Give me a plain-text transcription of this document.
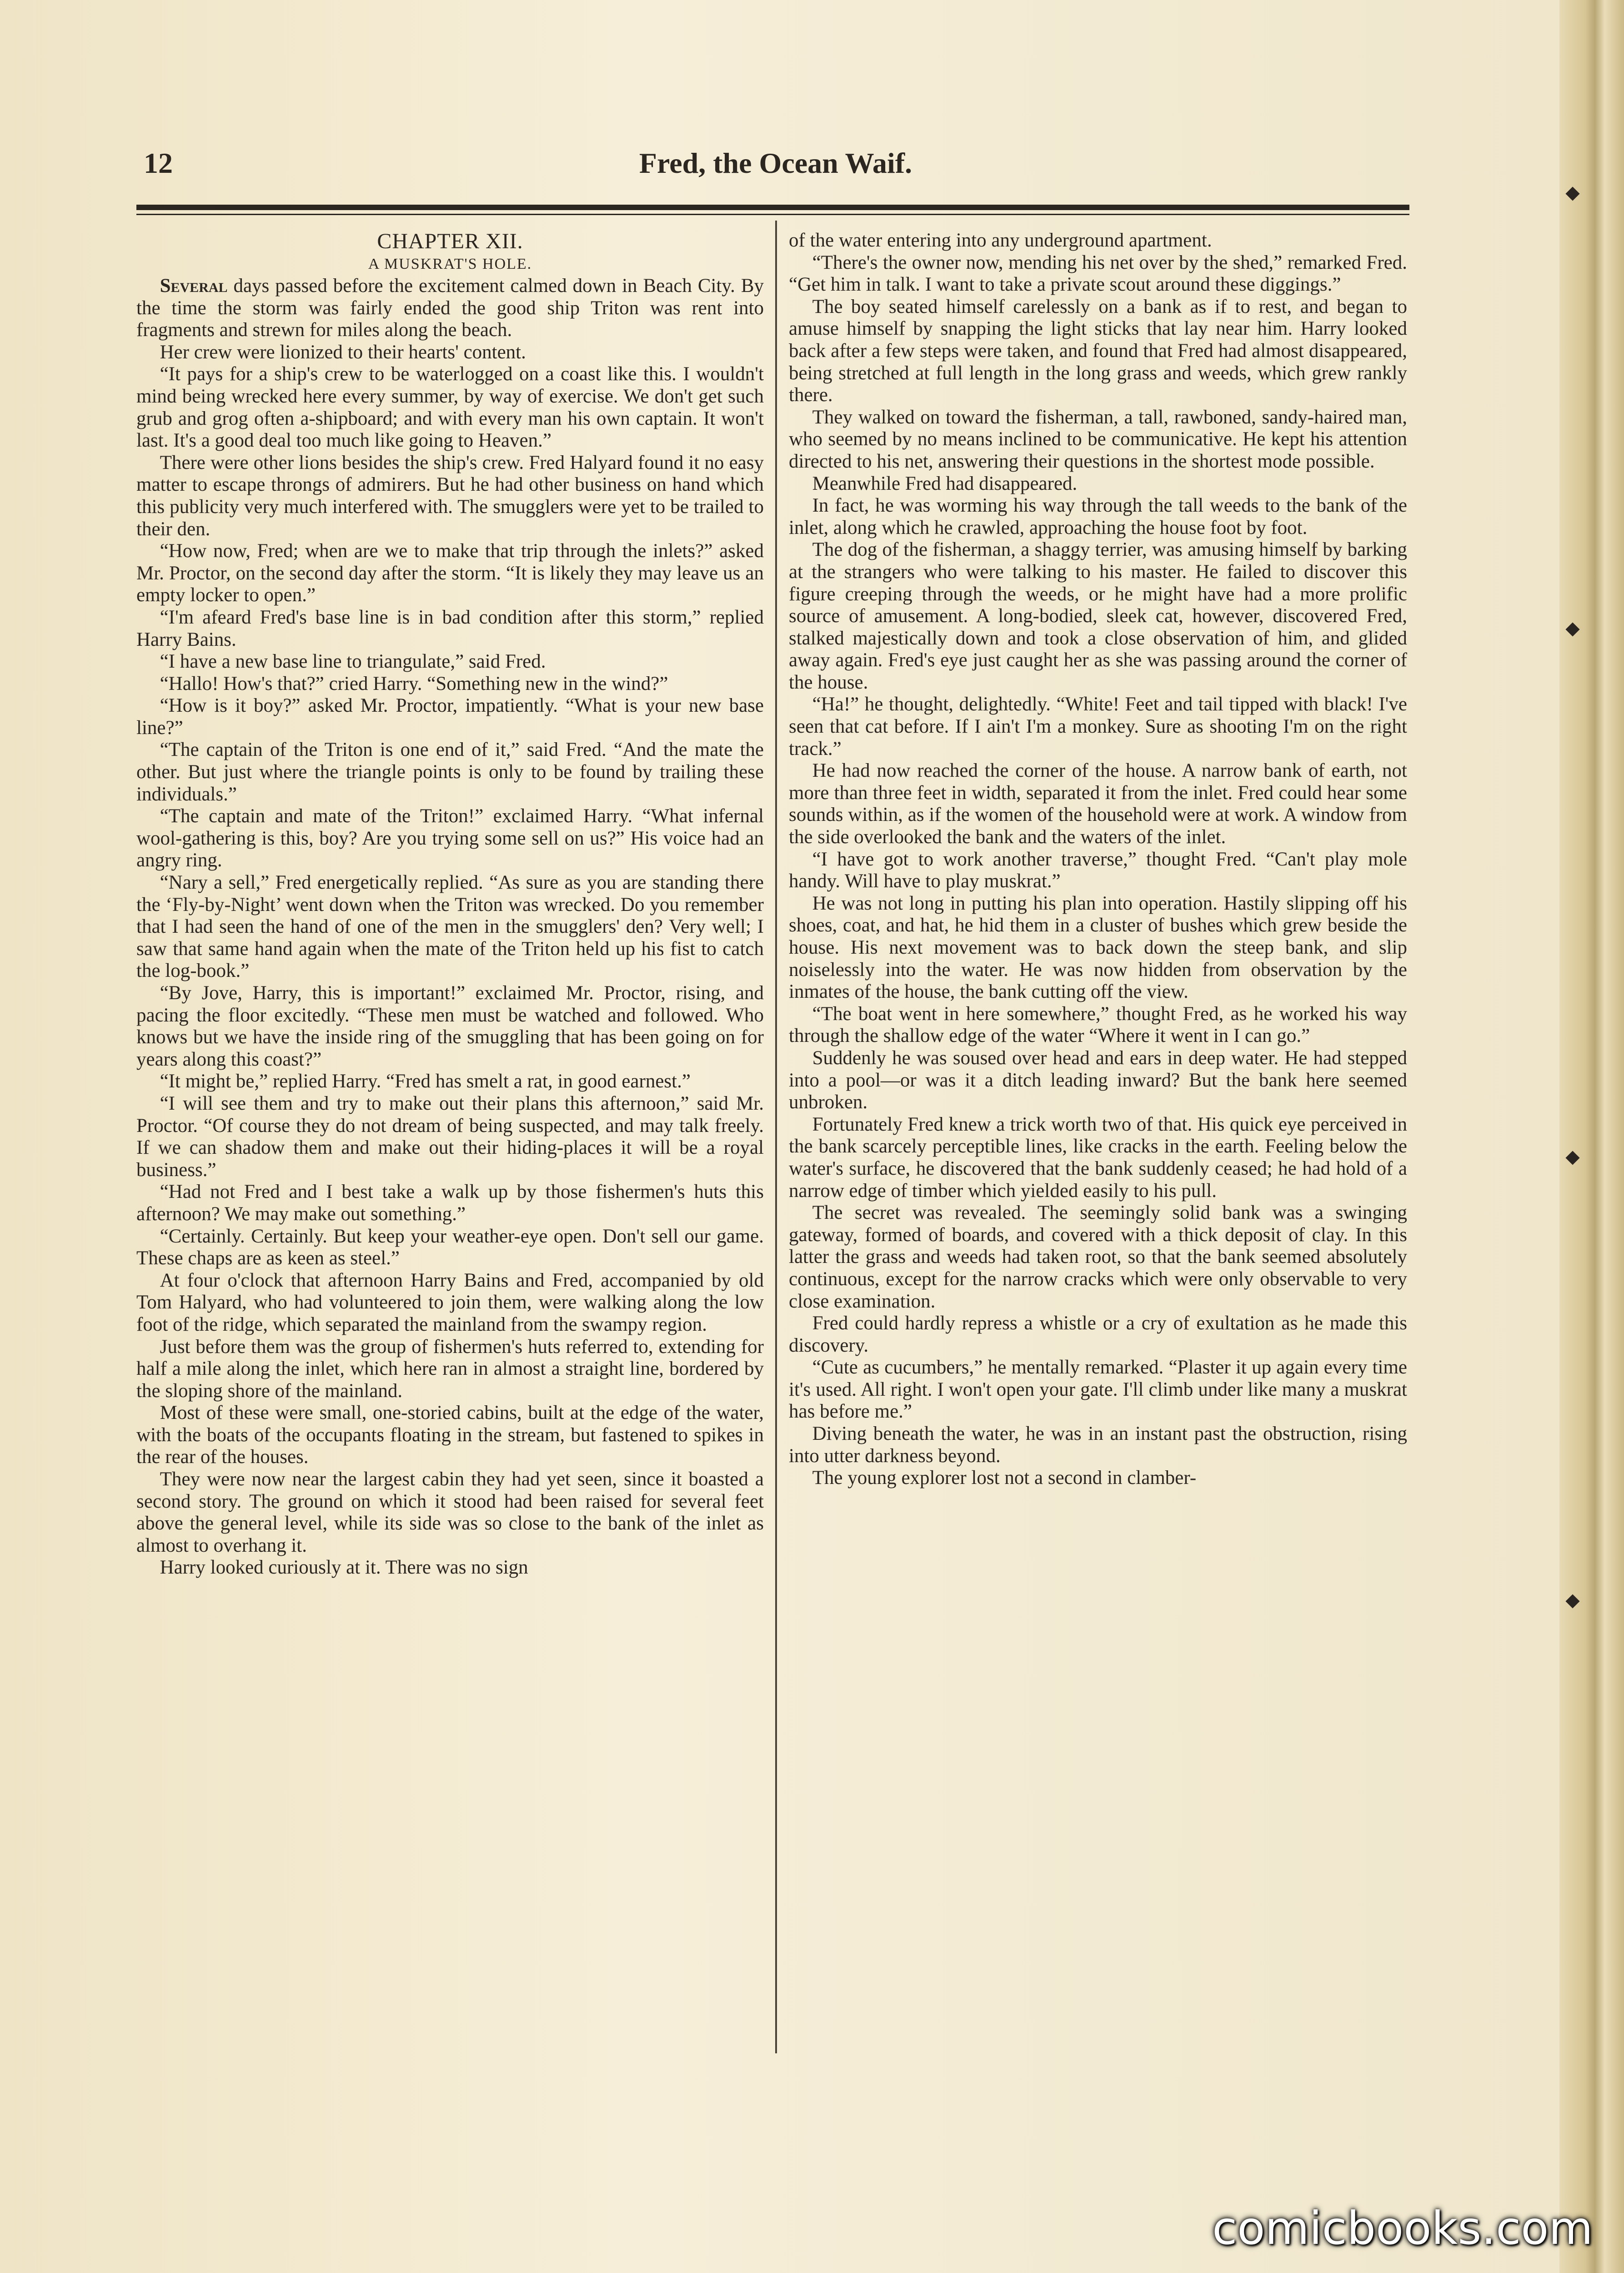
12	Fred, the Ocean Waif.
CHAPTER XII.
A MUSKRAT'S HOLE.

Several days passed before the excitement calmed down in Beach City. By the time the storm was fairly ended the good ship Triton was rent into fragments and strewn for miles along the beach.

Her crew were lionized to their hearts' content.

“It pays for a ship's crew to be waterlogged on a coast like this. I wouldn't mind being wrecked here every summer, by way of exercise. We don't get such grub and grog often a-shipboard; and with every man his own captain. It won't last. It's a good deal too much like going to Heaven.”

There were other lions besides the ship's crew. Fred Halyard found it no easy matter to escape throngs of admirers. But he had other business on hand which this publicity very much interfered with. The smugglers were yet to be trailed to their den.

“How now, Fred; when are we to make that trip through the inlets?” asked Mr. Proctor, on the second day after the storm. “It is likely they may leave us an empty locker to open.”

“I'm afeard Fred's base line is in bad condition after this storm,” replied Harry Bains.

“I have a new base line to triangulate,” said Fred.

“Hallo! How's that?” cried Harry. “Something new in the wind?”

“How is it boy?” asked Mr. Proctor, impatiently. “What is your new base line?”

“The captain of the Triton is one end of it,” said Fred. “And the mate the other. But just where the triangle points is only to be found by trailing these individuals.”

“The captain and mate of the Triton!” exclaimed Harry. “What infernal wool-gathering is this, boy? Are you trying some sell on us?” His voice had an angry ring.

“Nary a sell,” Fred energetically replied. “As sure as you are standing there the ‘Fly-by-Night’ went down when the Triton was wrecked. Do you remember that I had seen the hand of one of the men in the smugglers' den? Very well; I saw that same hand again when the mate of the Triton held up his fist to catch the log-book.”

“By Jove, Harry, this is important!” exclaimed Mr. Proctor, rising, and pacing the floor excitedly. “These men must be watched and followed. Who knows but we have the inside ring of the smuggling that has been going on for years along this coast?”

“It might be,” replied Harry. “Fred has smelt a rat, in good earnest.”

“I will see them and try to make out their plans this afternoon,” said Mr. Proctor. “Of course they do not dream of being suspected, and may talk freely. If we can shadow them and make out their hiding-places it will be a royal business.”

“Had not Fred and I best take a walk up by those fishermen's huts this afternoon? We may make out something.”

“Certainly. Certainly. But keep your weather-eye open. Don't sell our game. These chaps are as keen as steel.”

At four o'clock that afternoon Harry Bains and Fred, accompanied by old Tom Halyard, who had volunteered to join them, were walking along the low foot of the ridge, which separated the mainland from the swampy region.

Just before them was the group of fishermen's huts referred to, extending for half a mile along the inlet, which here ran in almost a straight line, bordered by the sloping shore of the mainland.

Most of these were small, one-storied cabins, built at the edge of the water, with the boats of the occupants floating in the stream, but fastened to spikes in the rear of the houses.

They were now near the largest cabin they had yet seen, since it boasted a second story. The ground on which it stood had been raised for several feet above the general level, while its side was so close to the bank of the inlet as almost to overhang it.

Harry looked curiously at it. There was no sign

of the water entering into any underground apartment.

“There's the owner now, mending his net over by the shed,” remarked Fred. “Get him in talk. I want to take a private scout around these diggings.”

The boy seated himself carelessly on a bank as if to rest, and began to amuse himself by snapping the light sticks that lay near him. Harry looked back after a few steps were taken, and found that Fred had almost disappeared, being stretched at full length in the long grass and weeds, which grew rankly there.

They walked on toward the fisherman, a tall, rawboned, sandy-haired man, who seemed by no means inclined to be communicative. He kept his attention directed to his net, answering their questions in the shortest mode possible.

Meanwhile Fred had disappeared.

In fact, he was worming his way through the tall weeds to the bank of the inlet, along which he crawled, approaching the house foot by foot.

The dog of the fisherman, a shaggy terrier, was amusing himself by barking at the strangers who were talking to his master. He failed to discover this figure creeping through the weeds, or he might have had a more prolific source of amusement. A long-bodied, sleek cat, however, discovered Fred, stalked majestically down and took a close observation of him, and glided away again. Fred's eye just caught her as she was passing around the corner of the house.

“Ha!” he thought, delightedly. “White! Feet and tail tipped with black! I've seen that cat before. If I ain't I'm a monkey. Sure as shooting I'm on the right track.”

He had now reached the corner of the house. A narrow bank of earth, not more than three feet in width, separated it from the inlet. Fred could hear some sounds within, as if the women of the household were at work. A window from the side overlooked the bank and the waters of the inlet.

“I have got to work another traverse,” thought Fred. “Can't play mole handy. Will have to play muskrat.”

He was not long in putting his plan into operation. Hastily slipping off his shoes, coat, and hat, he hid them in a cluster of bushes which grew beside the house. His next movement was to back down the steep bank, and slip noiselessly into the water. He was now hidden from observation by the inmates of the house, the bank cutting off the view.

“The boat went in here somewhere,” thought Fred, as he worked his way through the shallow edge of the water “Where it went in I can go.”

Suddenly he was soused over head and ears in deep water. He had stepped into a pool—or was it a ditch leading inward? But the bank here seemed unbroken.

Fortunately Fred knew a trick worth two of that. His quick eye perceived in the bank scarcely perceptible lines, like cracks in the earth. Feeling below the water's surface, he discovered that the bank suddenly ceased; he had hold of a narrow edge of timber which yielded easily to his pull.

The secret was revealed. The seemingly solid bank was a swinging gateway, formed of boards, and covered with a thick deposit of clay. In this latter the grass and weeds had taken root, so that the bank seemed absolutely continuous, except for the narrow cracks which were only observable to very close examination.

Fred could hardly repress a whistle or a cry of exultation as he made this discovery.

“Cute as cucumbers,” he mentally remarked. “Plaster it up again every time it's used. All right. I won't open your gate. I'll climb under like many a muskrat has before me.”

Diving beneath the water, he was in an instant past the obstruction, rising into utter darkness beyond.

The young explorer lost not a second in clamber-

comicbooks.com
